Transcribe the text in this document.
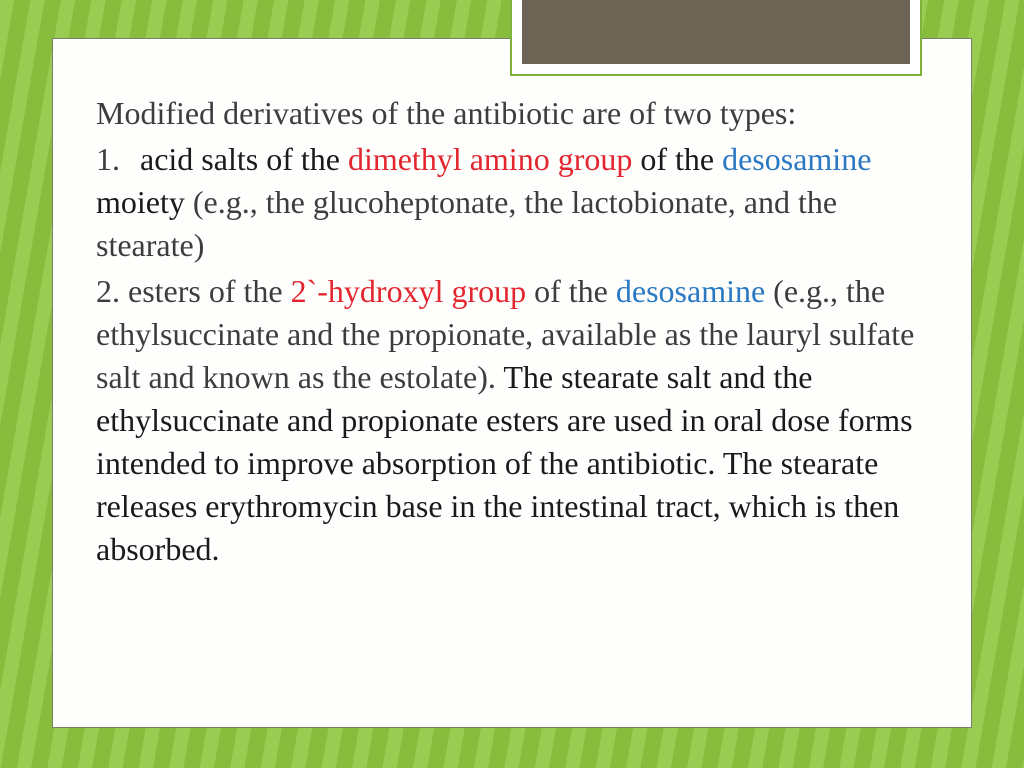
Modified derivatives of the antibiotic are of two types:

1. acid salts of the dimethyl amino group of the desosamine moiety (e.g., the glucoheptonate, the lactobionate, and the stearate)

2. esters of the 2`-hydroxyl group of the desosamine (e.g., the ethylsuccinate and the propionate, available as the lauryl sulfate salt and known as the estolate). The stearate salt and the ethylsuccinate and propionate esters are used in oral dose forms intended to improve absorption of the antibiotic. The stearate releases erythromycin base in the intestinal tract, which is then absorbed.
